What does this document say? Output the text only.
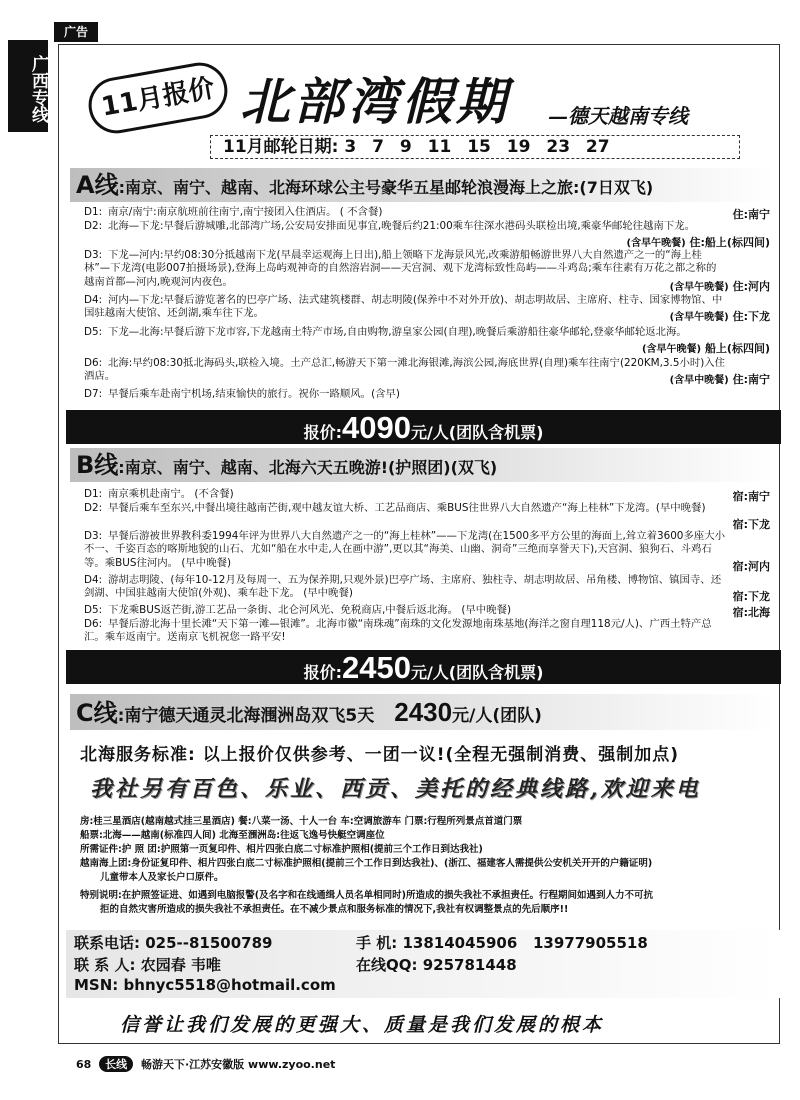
广西专线
广告
11月报价 北部湾假期 —德天越南专线
11月邮轮日期: 3 7 9 11 15 19 23 27
A线:南京、南宁、越南、北海环球公主号豪华五星邮轮浪漫海上之旅:(7日双飞)
D1: 南京/南宁:南京航班前往南宁,南宁接团入住酒店。 ( 不含餐)	住:南宁
D2: 北海—下龙:早餐后游城雕,北部湾广场,公安局安排面见事宜,晚餐后约21:00乘车往深水港码头联检出境,乘豪华邮轮往越南下龙。
(含早午晚餐) 住:船上(标四间)
D3: 下龙—河内:早约08:30分抵越南下龙(早晨幸运观海上日出),船上领略下龙海景风光,改乘游船畅游世界八大自然遗产之一的“海上桂林”—下龙湾(电影007拍摄场景),登海上岛屿观神奇的自然溶岩洞——天宫洞、观下龙湾标致性岛屿——斗鸡岛;乘车往素有万花之都之称的越南首都—河内,晚观河内夜色。	(含早午晚餐) 住:河内
D4: 河内—下龙:早餐后游览著名的巴亭广场、法式建筑楼群、胡志明陵(保养中不对外开放)、胡志明故居、主席府、柱寺、国家博物馆、中国驻越南大使馆、还剑湖,乘车往下龙。	(含早午晚餐) 住:下龙
D5: 下龙—北海:早餐后游下龙市容,下龙越南土特产市场,自由购物,游皇家公园(自理),晚餐后乘游船往豪华邮轮,登豪华邮轮返北海。
(含早午晚餐) 船上(标四间)
D6: 北海:早约08:30抵北海码头,联检入境。土产总汇,畅游天下第一滩北海银滩,海滨公园,海底世界(自理)乘车往南宁(220KM,3.5小时)入住酒店。	(含早中晚餐) 住:南宁
D7: 早餐后乘车赴南宁机场,结束愉快的旅行。祝你一路顺风。(含早)
报价:4090元/人(团队含机票)
B线:南京、南宁、越南、北海六天五晚游!(护照团)(双飞)
D1: 南京乘机赴南宁。 (不含餐)	宿:南宁
D2: 早餐后乘车至东兴,中餐出境往越南芒街,观中越友谊大桥、工艺品商店、乘BUS往世界八大自然遗产“海上桂林”下龙湾。(早中晚餐)
宿:下龙
D3: 早餐后游被世界教科委1994年评为世界八大自然遗产之一的“海上桂林”——下龙湾(在1500多平方公里的海面上,耸立着3600多座大小不一、千姿百态的喀斯地貌的山石、尤如“船在水中走,人在画中游”,更以其“海美、山幽、洞奇”三绝而享誉天下),天宫洞、狼狗石、斗鸡石等。乘BUS往河内。 (早中晚餐)	宿:河内
D4: 游胡志明陵、(每年10-12月及每周一、五为保养期,只观外景)巴亭广场、主席府、独柱寺、胡志明故居、吊角楼、博物馆、镇国寺、还剑湖、中国驻越南大使馆(外观)、乘车赴下龙。 (早中晚餐)	宿:下龙
D5: 下龙乘BUS返芒街,游工艺品一条街、北仑河风光、免税商店,中餐后返北海。 (早中晚餐)	宿:北海
D6: 早餐后游北海十里长滩“天下第一滩—银滩”。北海市徽“南珠魂”南珠的文化发源地南珠基地(海洋之窗自理118元/人)、广西土特产总汇。乘车返南宁。送南京飞机祝您一路平安!
报价:2450元/人(团队含机票)
C线:南宁德天通灵北海涠洲岛双飞5天 2430元/人(团队)
北海服务标准: 以上报价仅供参考、一团一议!(全程无强制消费、强制加点)
我社另有百色、乐业、西贡、美托的经典线路,欢迎来电
房:桂三星酒店(越南越式挂三星酒店) 餐:八菜一汤、十人一台 车:空调旅游车 门票:行程所列景点首道门票
船票:北海——越南(标准四人间) 北海至涠洲岛:往返飞逸号快艇空调座位
所需证件:护 照 团:护照第一页复印件、相片四张白底二寸标准护照相(提前三个工作日到达我社)
越南海上团:身份证复印件、相片四张白底二寸标准护照相(提前三个工作日到达我社)、(浙江、福建客人需提供公安机关开开的户籍证明)
儿童带本人及家长户口原件。
特别说明:在护照签证进、如遇到电脑报警(及名字和在线通缉人员名单相同时)所造成的损失我社不承担责任。行程期间如遇到人力不可抗
拒的自然灾害所造成的损失我社不承担责任。在不减少景点和服务标准的情况下,我社有权调整景点的先后顺序!!
联系电话: 025--81500789	手 机: 13814045906 13977905518
联 系 人: 农园春 韦唯	在线QQ: 925781448
MSN: bhnyc5518@hotmail.com
信誉让我们发展的更强大、质量是我们发展的根本
68 长线 畅游天下·江苏安徽版 www.zyoo.net
